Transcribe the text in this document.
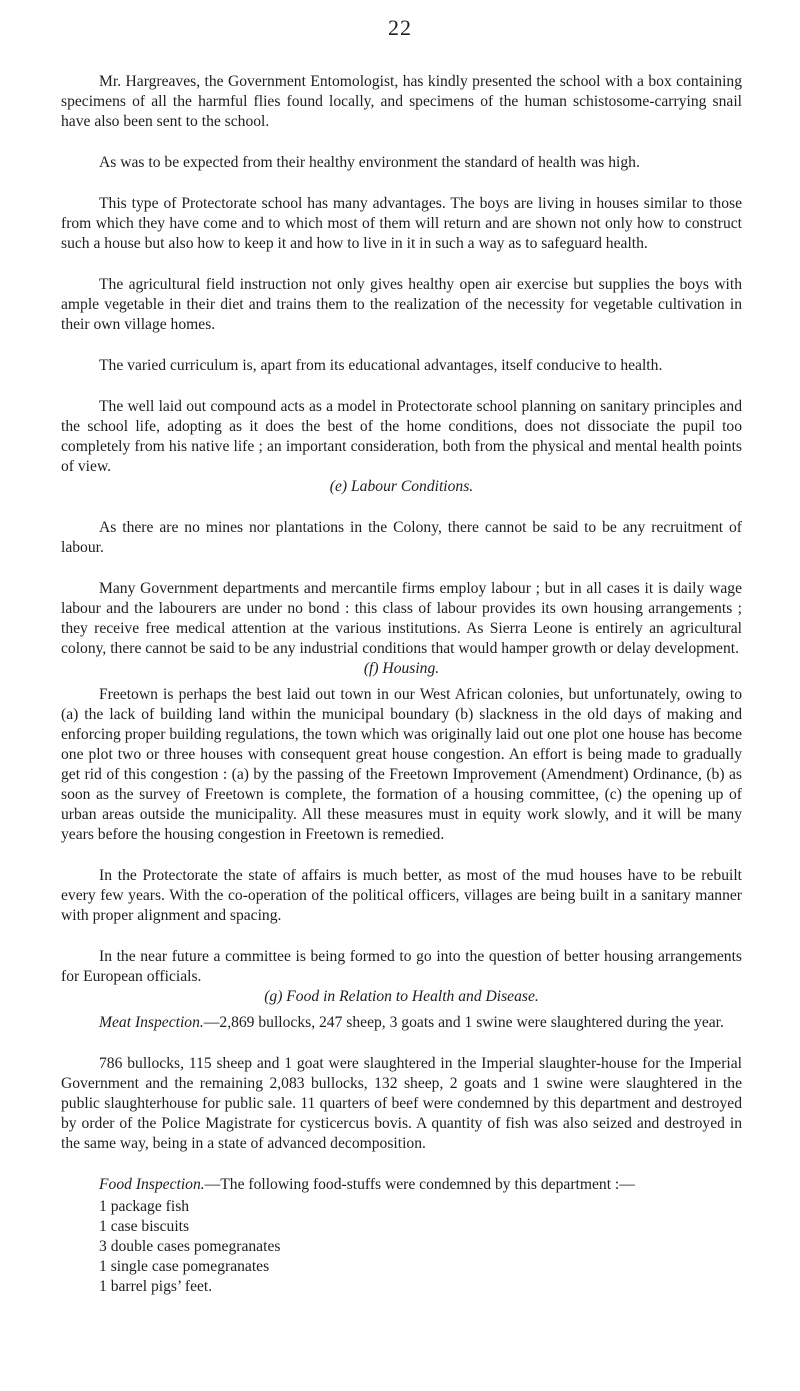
22

Mr. Hargreaves, the Government Entomologist, has kindly presented the school with a box containing specimens of all the harmful flies found locally, and specimens of the human schistosome-carrying snail have also been sent to the school.

As was to be expected from their healthy environment the standard of health was high.

This type of Protectorate school has many advantages. The boys are living in houses similar to those from which they have come and to which most of them will return and are shown not only how to construct such a house but also how to keep it and how to live in it in such a way as to safeguard health.

The agricultural field instruction not only gives healthy open air exercise but supplies the boys with ample vegetable in their diet and trains them to the realization of the necessity for vegetable cultivation in their own village homes.

The varied curriculum is, apart from its educational advantages, itself conducive to health.

The well laid out compound acts as a model in Protectorate school planning on sanitary principles and the school life, adopting as it does the best of the home conditions, does not dissociate the pupil too completely from his native life ; an important consideration, both from the physical and mental health points of view.

(e) Labour Conditions.

As there are no mines nor plantations in the Colony, there cannot be said to be any recruitment of labour.

Many Government departments and mercantile firms employ labour ; but in all cases it is daily wage labour and the labourers are under no bond : this class of labour provides its own housing arrangements ; they receive free medical attention at the various institutions. As Sierra Leone is entirely an agricultural colony, there cannot be said to be any industrial conditions that would hamper growth or delay development.

(f) Housing.

Freetown is perhaps the best laid out town in our West African colonies, but unfortunately, owing to (a) the lack of building land within the municipal boundary (b) slackness in the old days of making and enforcing proper building regulations, the town which was originally laid out one plot one house has become one plot two or three houses with consequent great house congestion. An effort is being made to gradually get rid of this congestion : (a) by the passing of the Freetown Improvement (Amendment) Ordinance, (b) as soon as the survey of Freetown is complete, the formation of a housing committee, (c) the opening up of urban areas outside the municipality. All these measures must in equity work slowly, and it will be many years before the housing congestion in Freetown is remedied.

In the Protectorate the state of affairs is much better, as most of the mud houses have to be rebuilt every few years. With the co-operation of the political officers, villages are being built in a sanitary manner with proper alignment and spacing.

In the near future a committee is being formed to go into the question of better housing arrangements for European officials.

(g) Food in Relation to Health and Disease.

Meat Inspection.—2,869 bullocks, 247 sheep, 3 goats and 1 swine were slaughtered during the year.

786 bullocks, 115 sheep and 1 goat were slaughtered in the Imperial slaughter-house for the Imperial Government and the remaining 2,083 bullocks, 132 sheep, 2 goats and 1 swine were slaughtered in the public slaughterhouse for public sale. 11 quarters of beef were condemned by this department and destroyed by order of the Police Magistrate for cysticercus bovis. A quantity of fish was also seized and destroyed in the same way, being in a state of advanced decomposition.

Food Inspection.—The following food-stuffs were condemned by this department :—

1 package fish
1 case biscuits
3 double cases pomegranates
1 single case pomegranates
1 barrel pigs’ feet.
